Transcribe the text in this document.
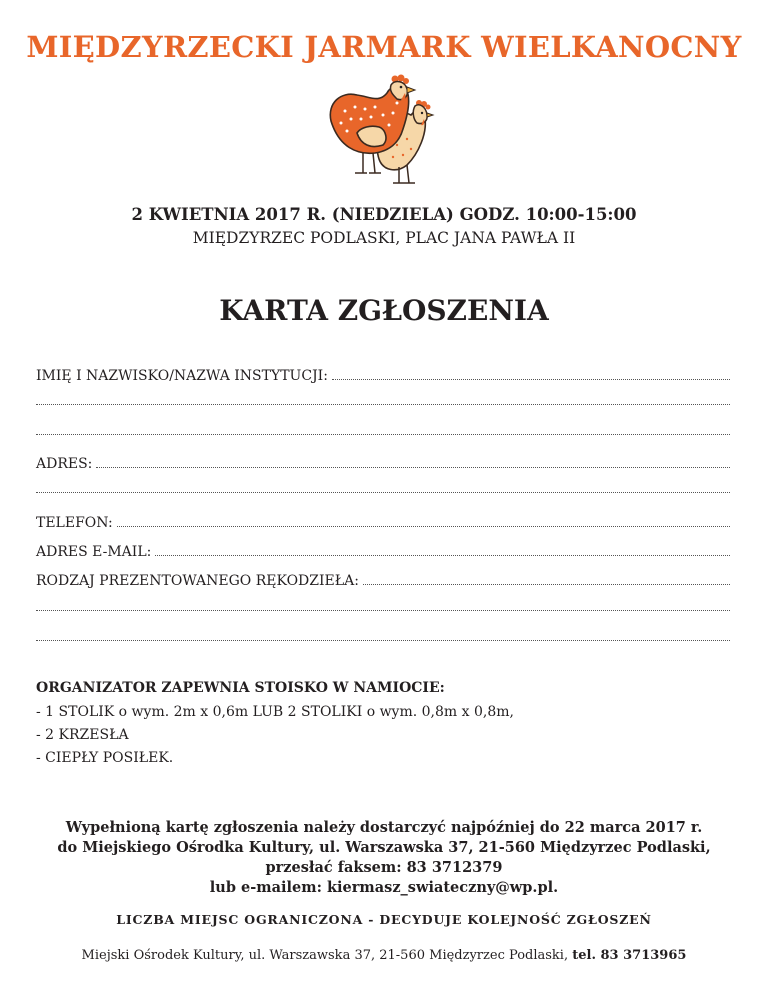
MIĘDZYRZECKI JARMARK WIELKANOCNY
2 KWIETNIA 2017 R. (NIEDZIELA) GODZ. 10:00-15:00
MIĘDZYRZEC PODLASKI, PLAC JANA PAWŁA II
KARTA ZGŁOSZENIA
IMIĘ I NAZWISKO/NAZWA INSTYTUCJI:
ADRES:
TELEFON:
ADRES E-MAIL:
RODZAJ PREZENTOWANEGO RĘKODZIEŁA:
ORGANIZATOR ZAPEWNIA STOISKO W NAMIOCIE:
- 1 STOLIK o wym. 2m x 0,6m LUB 2 STOLIKI o wym. 0,8m x 0,8m,
- 2 KRZESŁA
- CIEPŁY POSIŁEK.
Wypełnioną kartę zgłoszenia należy dostarczyć najpóźniej do 22 marca 2017 r.
do Miejskiego Ośrodka Kultury, ul. Warszawska 37, 21-560 Międzyrzec Podlaski,
przesłać faksem: 83 3712379
lub e-mailem: kiermasz_swiateczny@wp.pl.
LICZBA MIEJSC OGRANICZONA - DECYDUJE KOLEJNOŚĆ ZGŁOSZEŃ
Miejski Ośrodek Kultury, ul. Warszawska 37, 21-560 Międzyrzec Podlaski, tel. 83 3713965
